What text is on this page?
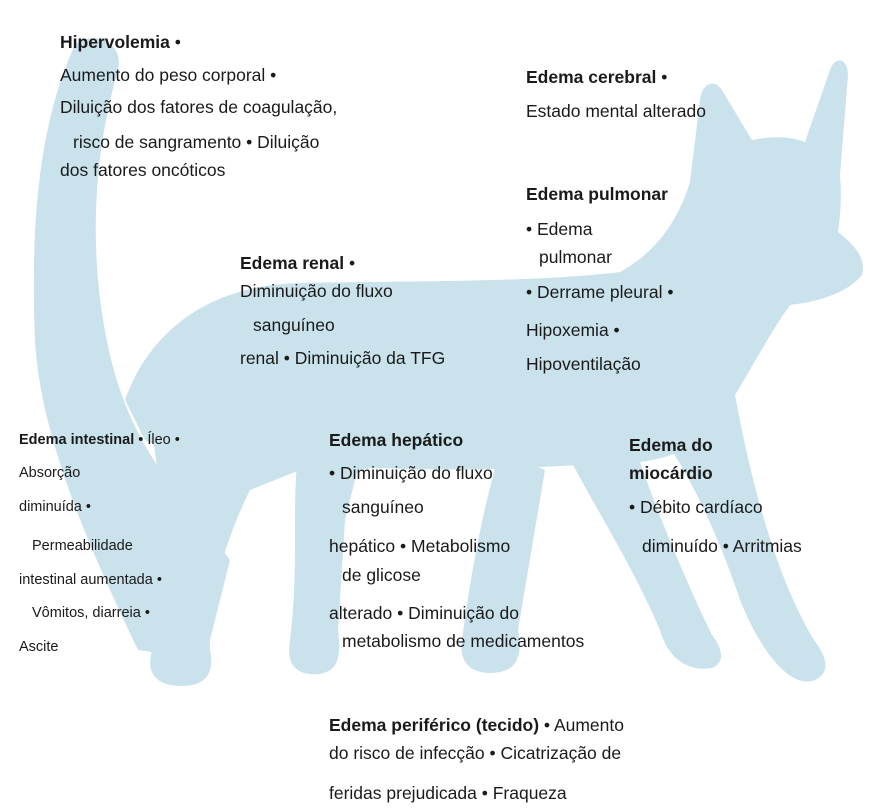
Hipervolemia •
Aumento do peso corporal •
Diluição dos fatores de coagulação,
risco de sangramento • Diluição
dos fatores oncóticos
Edema cerebral •
Estado mental alterado
Edema pulmonar
• Edema
pulmonar
• Derrame pleural •
Hipoxemia •
Hipoventilação
Edema renal •
Diminuição do fluxo
sanguíneo
renal • Diminuição da TFG
Edema intestinal • Íleo •
Absorção
diminuída •
Permeabilidade
intestinal aumentada •
Vômitos, diarreia •
Ascite
Edema hepático
• Diminuição do fluxo
sanguíneo
hepático • Metabolismo
de glicose
alterado • Diminuição do
metabolismo de medicamentos
Edema do
miocárdio
• Débito cardíaco
diminuído • Arritmias
Edema periférico (tecido) • Aumento
do risco de infecção • Cicatrização de
feridas prejudicada • Fraqueza
